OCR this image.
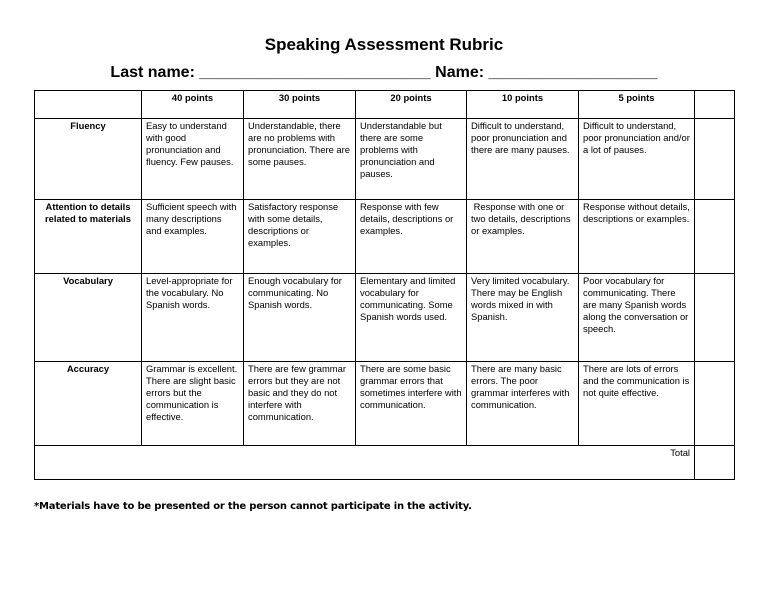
Speaking Assessment Rubric
Last name: __________________________ Name: ___________________
	40 points	30 points	20 points	10 points	5 points	
Fluency	Easy to understand with good pronunciation and fluency. Few pauses.	Understandable, there are no problems with pronunciation. There are some pauses.	Understandable but there are some problems with pronunciation and pauses.	Difficult to understand, poor pronunciation and there are many pauses.	Difficult to understand, poor pronunciation and/or a lot of pauses.	
Attention to details related to materials	Sufficient speech with many descriptions and examples.	Satisfactory response with some details, descriptions or examples.	Response with few details, descriptions or examples.	Response with one or two details, descriptions or examples.	Response without details, descriptions or examples.	
Vocabulary	Level-appropriate for the vocabulary. No Spanish words.	Enough vocabulary for communicating. No Spanish words.	Elementary and limited vocabulary for communicating. Some Spanish words used.	Very limited vocabulary. There may be English words mixed in with Spanish.	Poor vocabulary for communicating. There are many Spanish words along the conversation or speech.	
Accuracy	Grammar is excellent. There are slight basic errors but the communication is effective.	There are few grammar errors but they are not basic and they do not interfere with communication.	There are some basic grammar errors that sometimes interfere with communication.	There are many basic errors. The poor grammar interferes with communication.	There are lots of errors and the communication is not quite effective.	
Total						
*Materials have to be presented or the person cannot participate in the activity.
